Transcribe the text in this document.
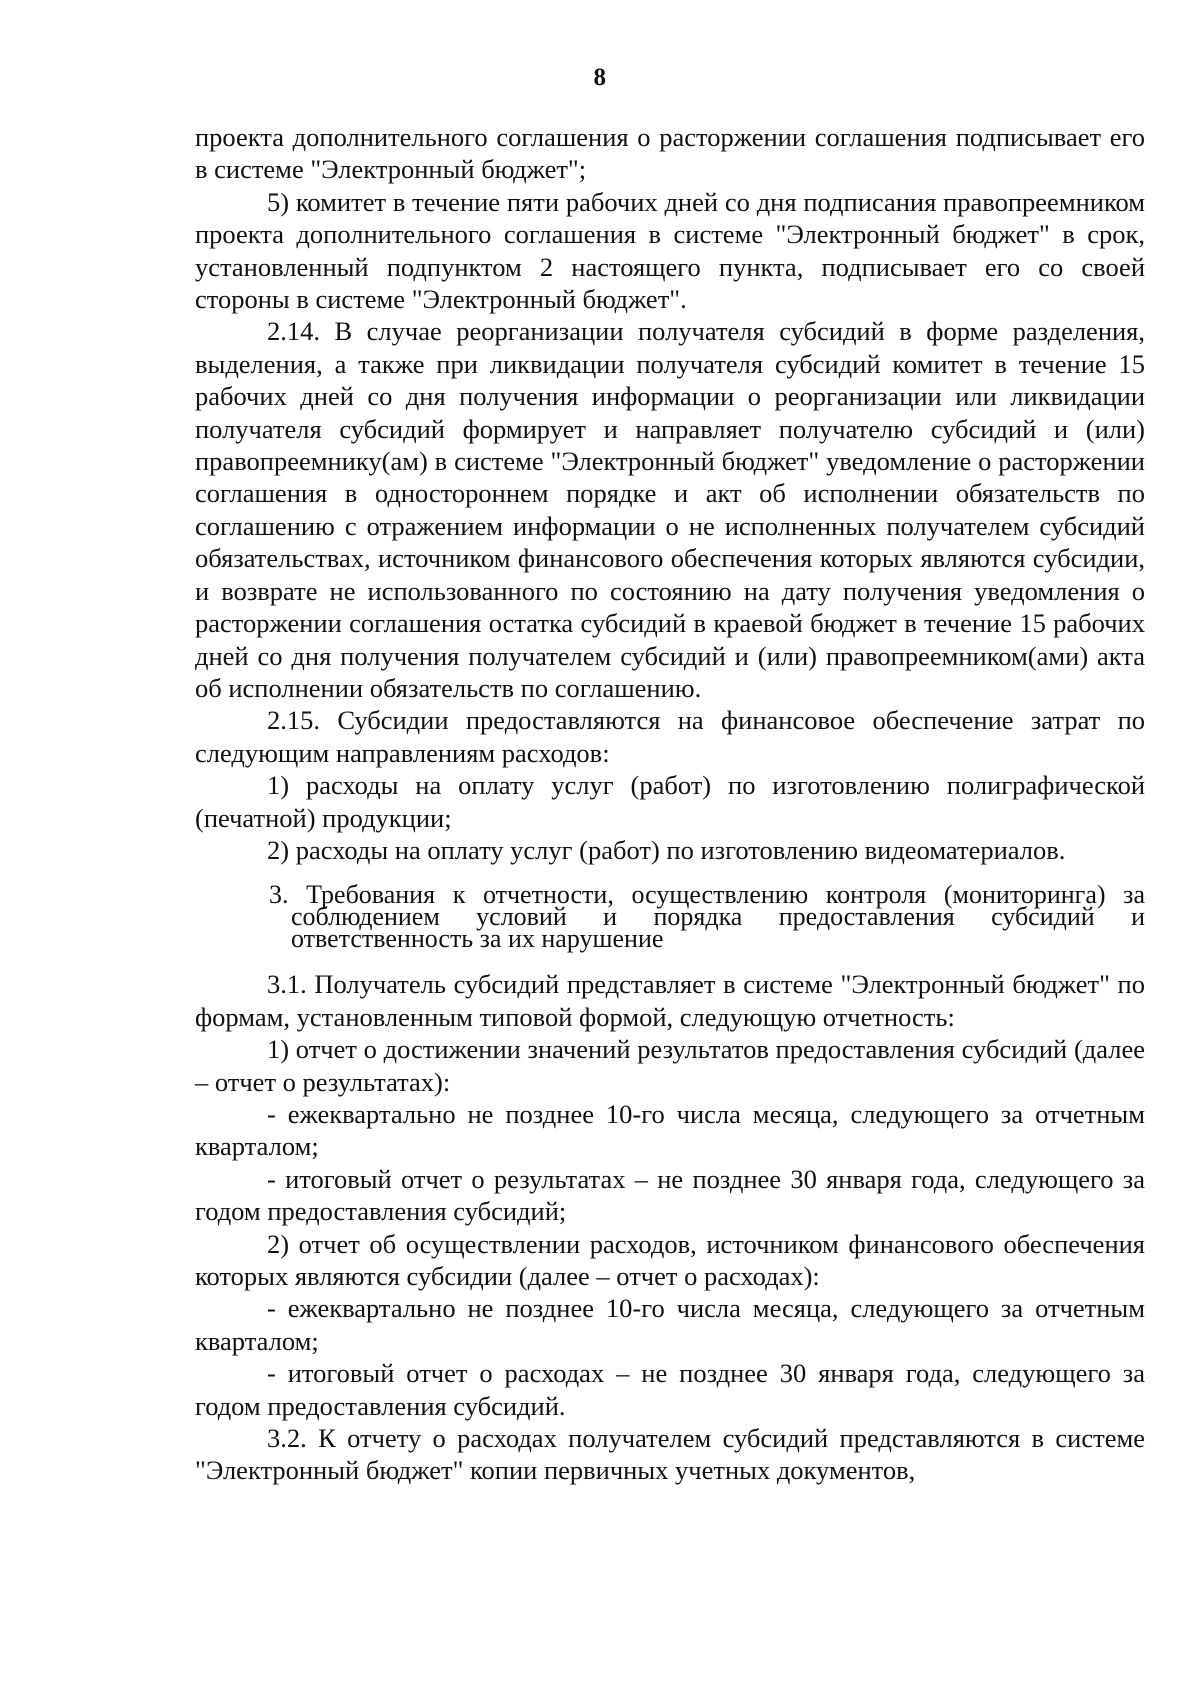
8

проекта дополнительного соглашения о расторжении соглашения подписывает его в системе "Электронный бюджет";

5) комитет в течение пяти рабочих дней со дня подписания правопреемником проекта дополнительного соглашения в системе "Электронный бюджет" в срок, установленный подпунктом 2 настоящего пункта, подписывает его со своей стороны в системе "Электронный бюджет".

2.14. В случае реорганизации получателя субсидий в форме разделения, выделения, а также при ликвидации получателя субсидий комитет в течение 15 рабочих дней со дня получения информации о реорганизации или ликвидации получателя субсидий формирует и направляет получателю субсидий и (или) правопреемнику(ам) в системе "Электронный бюджет" уведомление о расторжении соглашения в одностороннем порядке и акт об исполнении обязательств по соглашению с отражением информации о не исполненных получателем субсидий обязательствах, источником финансового обеспечения которых являются субсидии, и возврате не использованного по состоянию на дату получения уведомления о расторжении соглашения остатка субсидий в краевой бюджет в течение 15 рабочих дней со дня получения получателем субсидий и (или) правопреемником(ами) акта об исполнении обязательств по соглашению.

2.15. Субсидии предоставляются на финансовое обеспечение затрат по следующим направлениям расходов:

1) расходы на оплату услуг (работ) по изготовлению полиграфической (печатной) продукции;

2) расходы на оплату услуг (работ) по изготовлению видеоматериалов.

3. Требования к отчетности, осуществлению контроля (мониторинга) за соблюдением условий и порядка предоставления субсидий и ответственность за их нарушение

3.1. Получатель субсидий представляет в системе "Электронный бюджет" по формам, установленным типовой формой, следующую отчетность:

1) отчет о достижении значений результатов предоставления субсидий (далее – отчет о результатах):

- ежеквартально не позднее 10-го числа месяца, следующего за отчетным кварталом;

- итоговый отчет о результатах – не позднее 30 января года, следующего за годом предоставления субсидий;

2) отчет об осуществлении расходов, источником финансового обеспечения которых являются субсидии (далее – отчет о расходах):

- ежеквартально не позднее 10-го числа месяца, следующего за отчетным кварталом;

- итоговый отчет о расходах – не позднее 30 января года, следующего за годом предоставления субсидий.

3.2. К отчету о расходах получателем субсидий представляются в системе "Электронный бюджет" копии первичных учетных документов,
